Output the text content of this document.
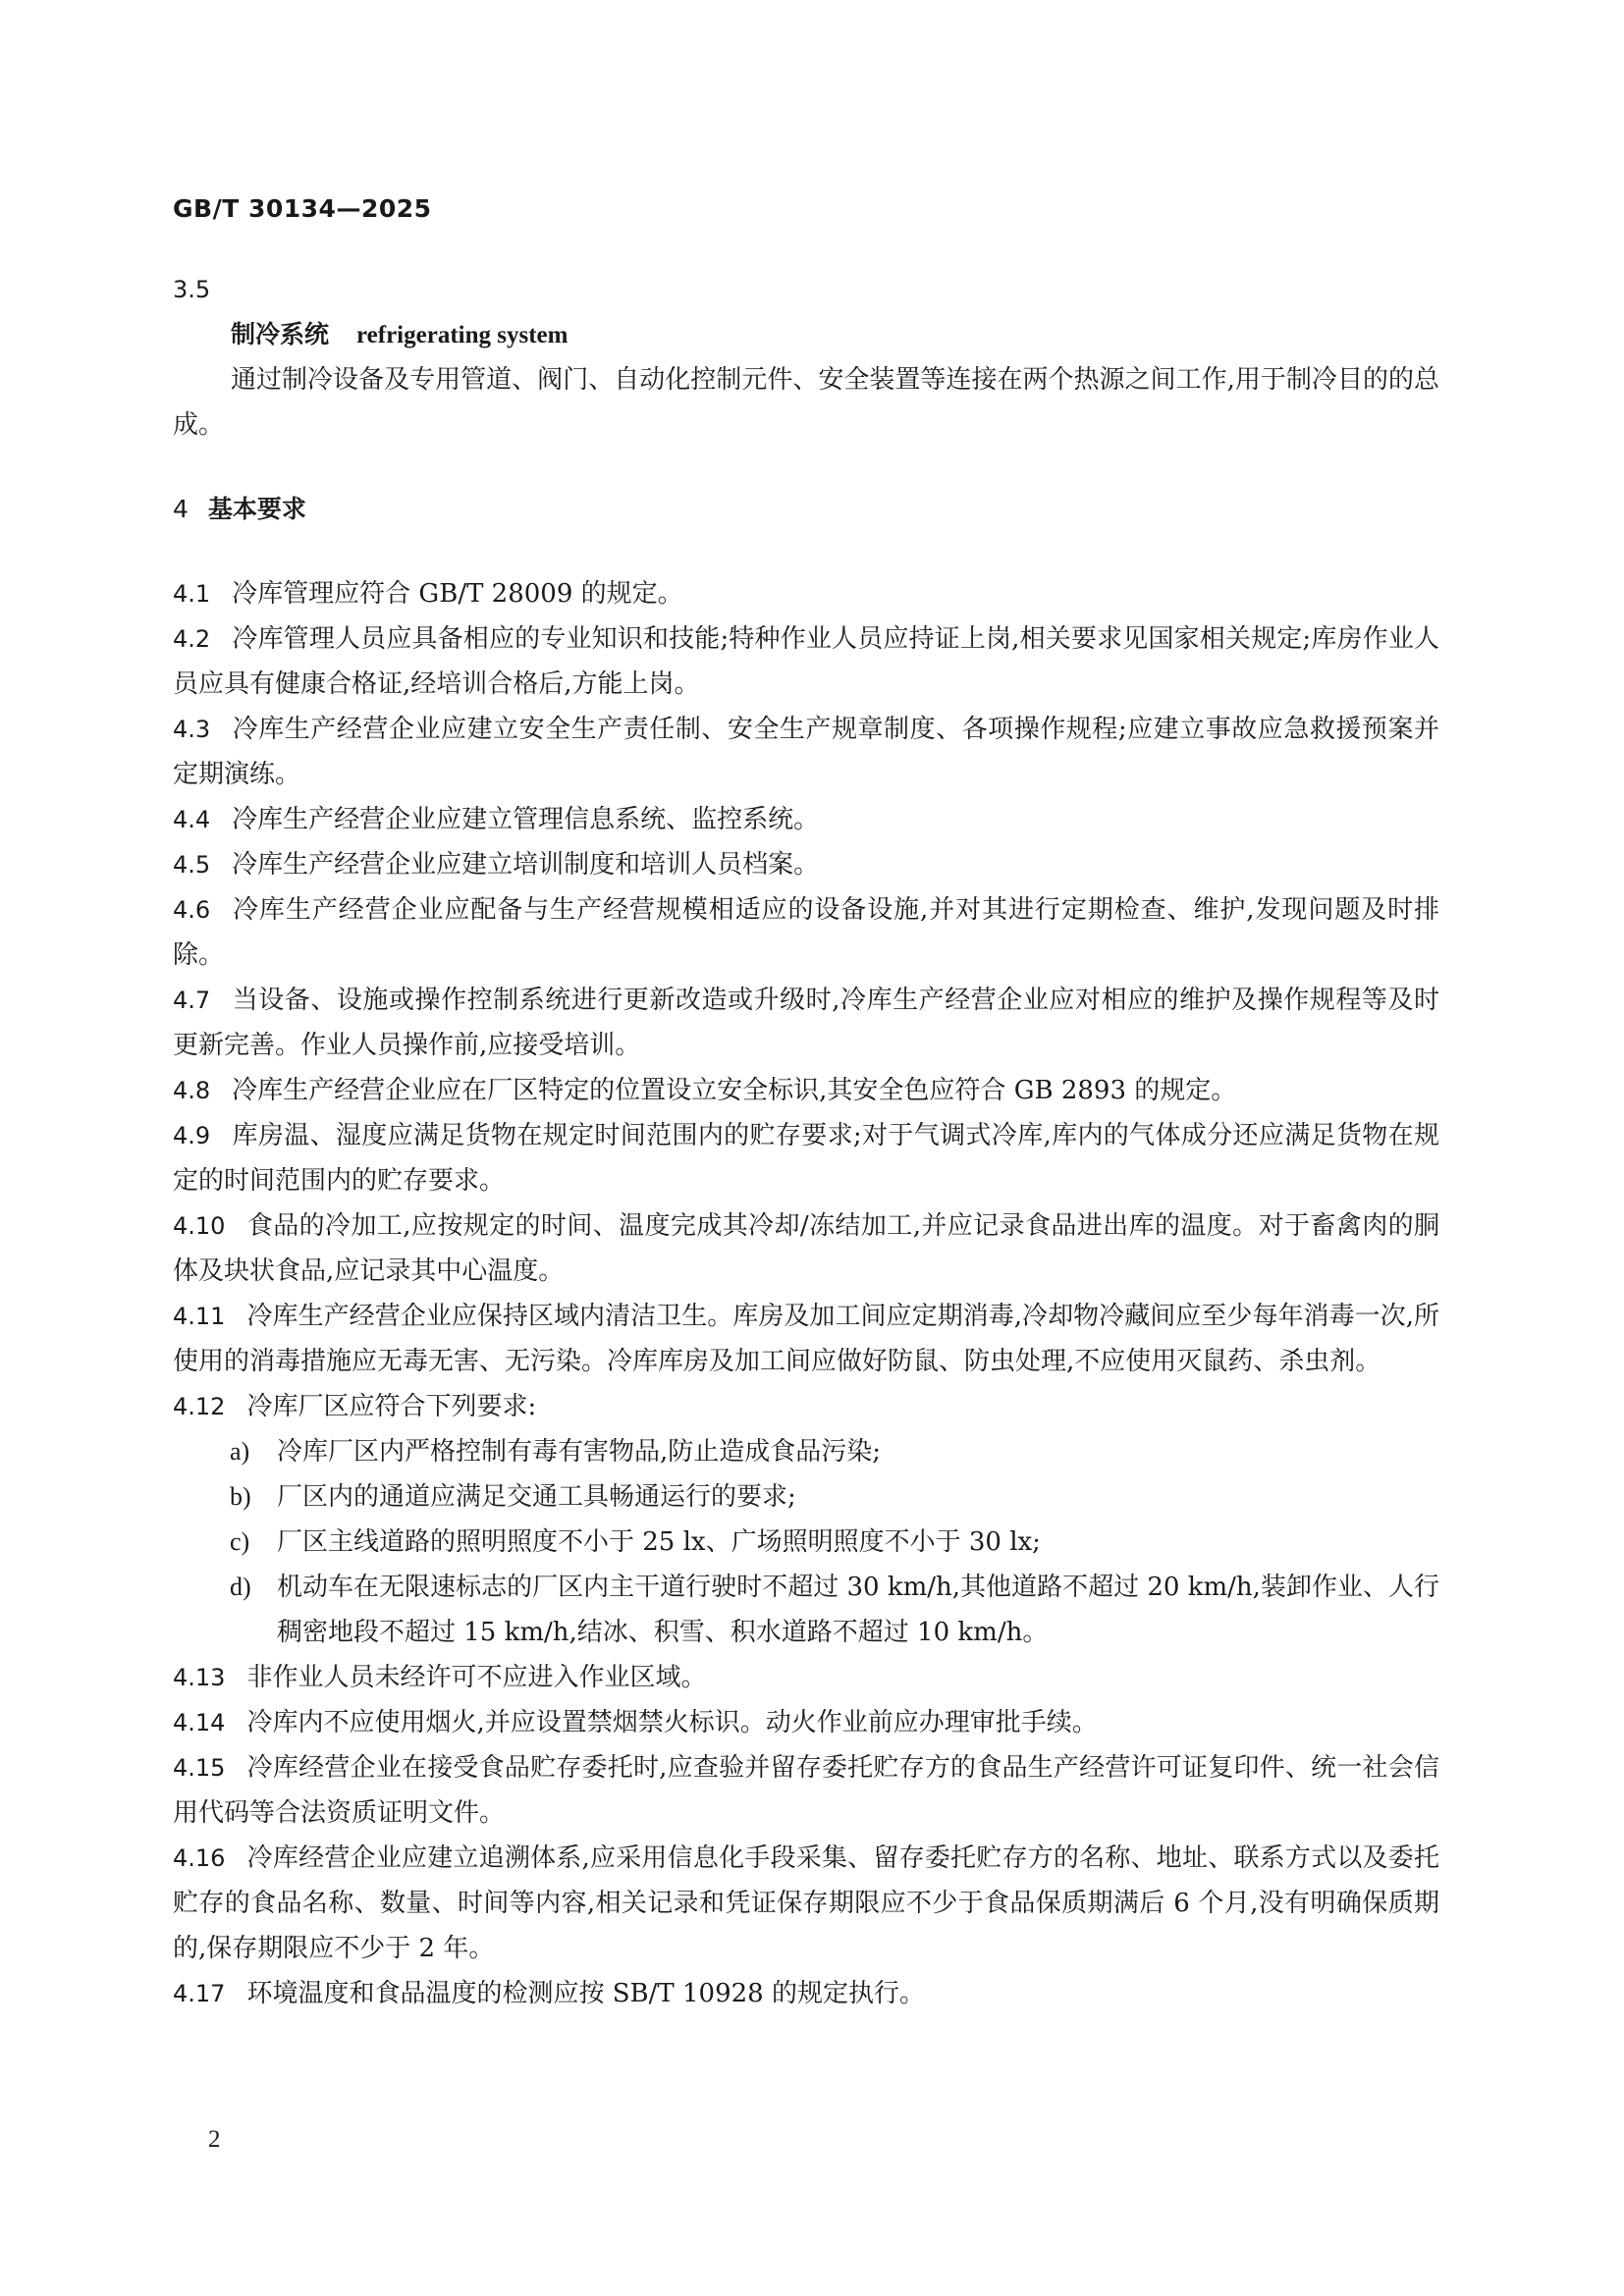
GB/T 30134—2025
3.5
制冷系统 refrigerating system
通过制冷设备及专用管道、阀门、自动化控制元件、安全装置等连接在两个热源之间工作,用于制冷目的的总成。
4 基本要求
4.1 冷库管理应符合 GB/T 28009 的规定。
4.2 冷库管理人员应具备相应的专业知识和技能;特种作业人员应持证上岗,相关要求见国家相关规定;库房作业人员应具有健康合格证,经培训合格后,方能上岗。
4.3 冷库生产经营企业应建立安全生产责任制、安全生产规章制度、各项操作规程;应建立事故应急救援预案并定期演练。
4.4 冷库生产经营企业应建立管理信息系统、监控系统。
4.5 冷库生产经营企业应建立培训制度和培训人员档案。
4.6 冷库生产经营企业应配备与生产经营规模相适应的设备设施,并对其进行定期检查、维护,发现问题及时排除。
4.7 当设备、设施或操作控制系统进行更新改造或升级时,冷库生产经营企业应对相应的维护及操作规程等及时更新完善。作业人员操作前,应接受培训。
4.8 冷库生产经营企业应在厂区特定的位置设立安全标识,其安全色应符合 GB 2893 的规定。
4.9 库房温、湿度应满足货物在规定时间范围内的贮存要求;对于气调式冷库,库内的气体成分还应满足货物在规定的时间范围内的贮存要求。
4.10 食品的冷加工,应按规定的时间、温度完成其冷却/冻结加工,并应记录食品进出库的温度。对于畜禽肉的胴体及块状食品,应记录其中心温度。
4.11 冷库生产经营企业应保持区域内清洁卫生。库房及加工间应定期消毒,冷却物冷藏间应至少每年消毒一次,所使用的消毒措施应无毒无害、无污染。冷库库房及加工间应做好防鼠、防虫处理,不应使用灭鼠药、杀虫剂。
4.12 冷库厂区应符合下列要求:
a)	冷库厂区内严格控制有毒有害物品,防止造成食品污染;
b)	厂区内的通道应满足交通工具畅通运行的要求;
c)	厂区主线道路的照明照度不小于 25 lx、广场照明照度不小于 30 lx;
d)	机动车在无限速标志的厂区内主干道行驶时不超过 30 km/h,其他道路不超过 20 km/h,装卸作业、人行稠密地段不超过 15 km/h,结冰、积雪、积水道路不超过 10 km/h。
4.13 非作业人员未经许可不应进入作业区域。
4.14 冷库内不应使用烟火,并应设置禁烟禁火标识。动火作业前应办理审批手续。
4.15 冷库经营企业在接受食品贮存委托时,应查验并留存委托贮存方的食品生产经营许可证复印件、统一社会信用代码等合法资质证明文件。
4.16 冷库经营企业应建立追溯体系,应采用信息化手段采集、留存委托贮存方的名称、地址、联系方式以及委托贮存的食品名称、数量、时间等内容,相关记录和凭证保存期限应不少于食品保质期满后 6 个月,没有明确保质期的,保存期限应不少于 2 年。
4.17 环境温度和食品温度的检测应按 SB/T 10928 的规定执行。
2
